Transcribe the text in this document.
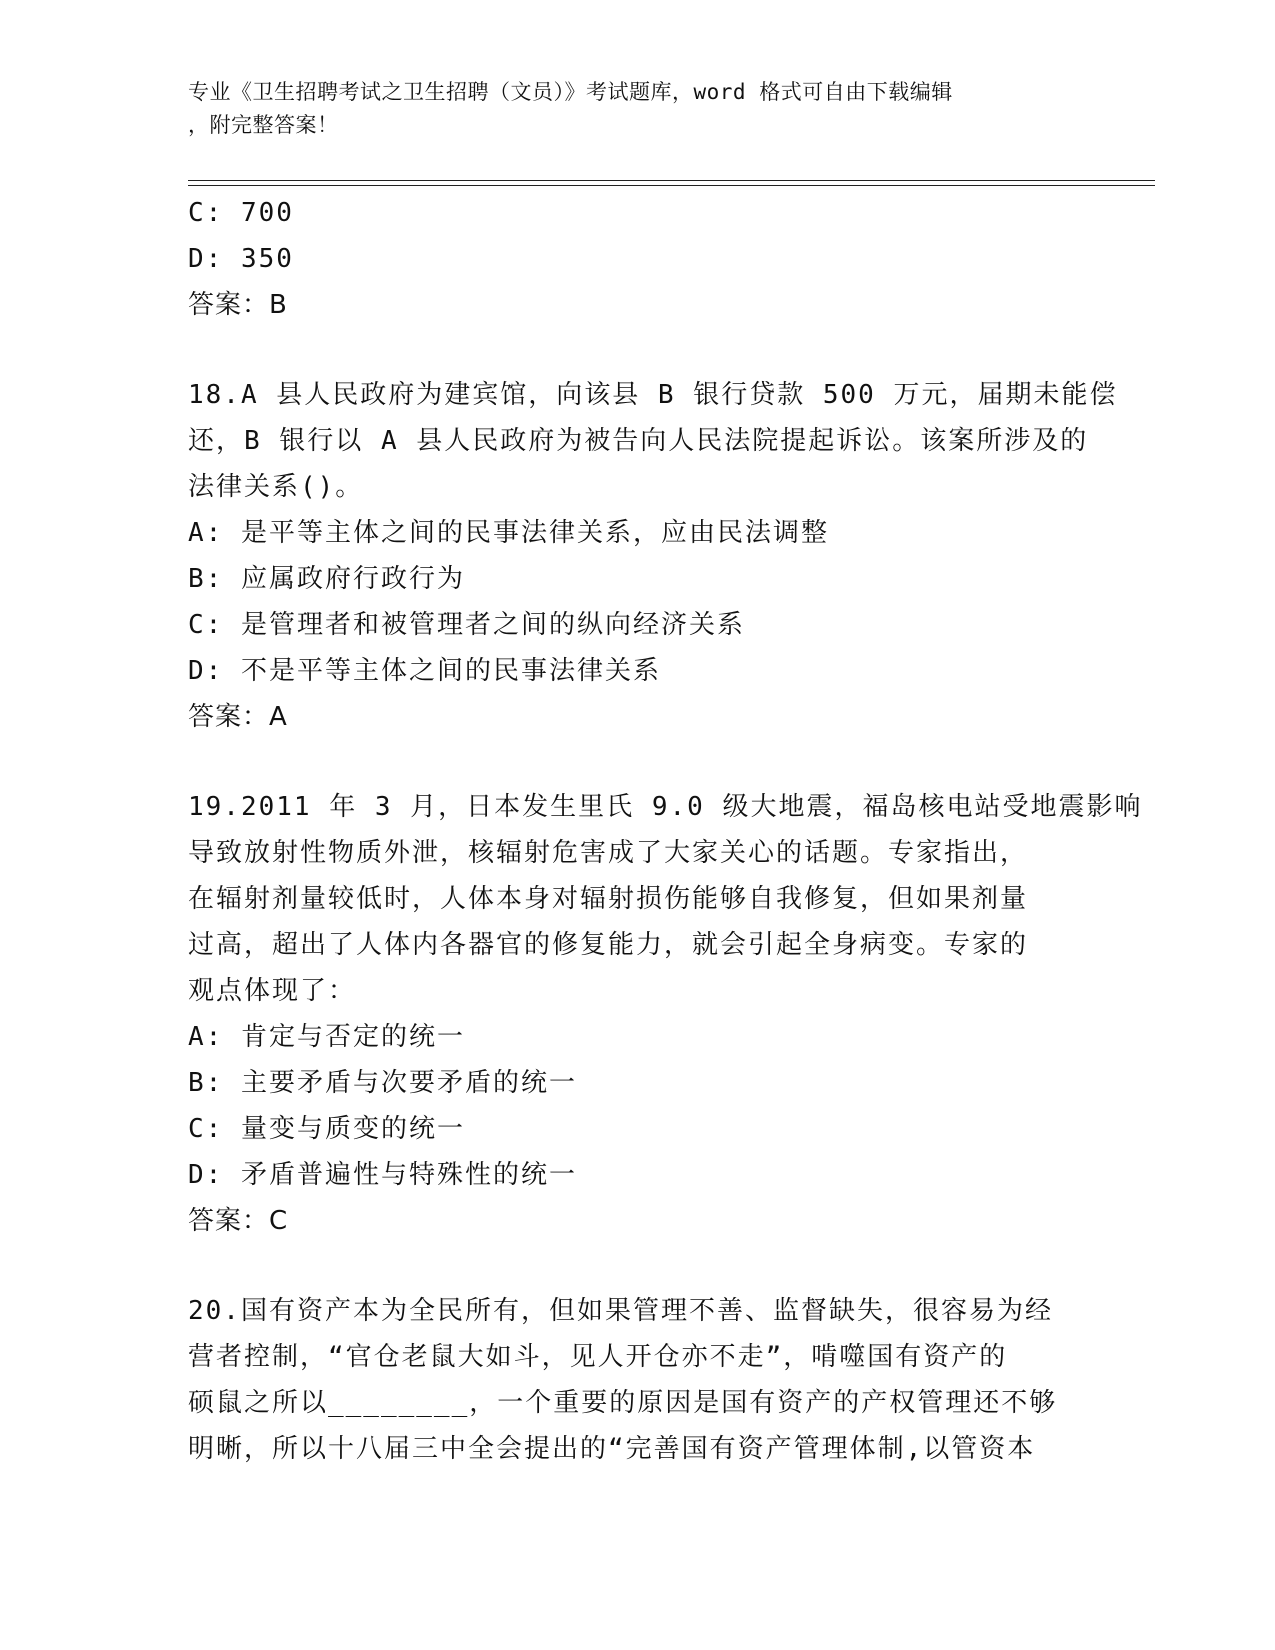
专业《卫生招聘考试之卫生招聘（文员）》考试题库，word 格式可自由下载编辑
，附完整答案！
C: 700
D: 350
答案：B
18.A 县人民政府为建宾馆，向该县 B 银行贷款 500 万元，届期未能偿
还，B 银行以 A 县人民政府为被告向人民法院提起诉讼。该案所涉及的
法律关系()。
A: 是平等主体之间的民事法律关系，应由民法调整
B: 应属政府行政行为
C: 是管理者和被管理者之间的纵向经济关系
D: 不是平等主体之间的民事法律关系
答案：A
19.2011 年 3 月，日本发生里氏 9.0 级大地震，福岛核电站受地震影响
导致放射性物质外泄，核辐射危害成了大家关心的话题。专家指出，
在辐射剂量较低时，人体本身对辐射损伤能够自我修复，但如果剂量
过高，超出了人体内各器官的修复能力，就会引起全身病变。专家的
观点体现了：
A: 肯定与否定的统一
B: 主要矛盾与次要矛盾的统一
C: 量变与质变的统一
D: 矛盾普遍性与特殊性的统一
答案：C
20.国有资产本为全民所有，但如果管理不善、监督缺失，很容易为经
营者控制，“官仓老鼠大如斗，见人开仓亦不走”，啃噬国有资产的
硕鼠之所以________，一个重要的原因是国有资产的产权管理还不够
明晰，所以十八届三中全会提出的“完善国有资产管理体制,以管资本
